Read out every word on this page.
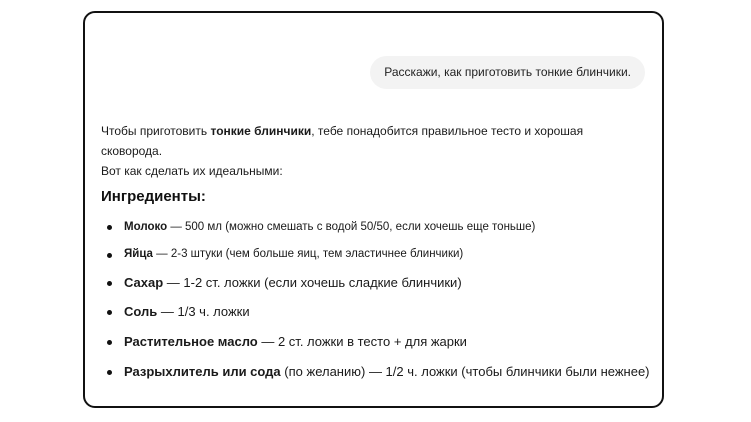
Расскажи, как приготовить тонкие блинчики.

Чтобы приготовить тонкие блинчики, тебе понадобится правильное тесто и хорошая сковорода.
Вот как сделать их идеальными:

Ингредиенты:
Молоко — 500 мл (можно смешать с водой 50/50, если хочешь еще тоньше)
Яйца — 2-3 штуки (чем больше яиц, тем эластичнее блинчики)
Сахар — 1-2 ст. ложки (если хочешь сладкие блинчики)
Соль — 1/3 ч. ложки
Растительное масло — 2 ст. ложки в тесто + для жарки
Разрыхлитель или сода (по желанию) — 1/2 ч. ложки (чтобы блинчики были нежнее)
